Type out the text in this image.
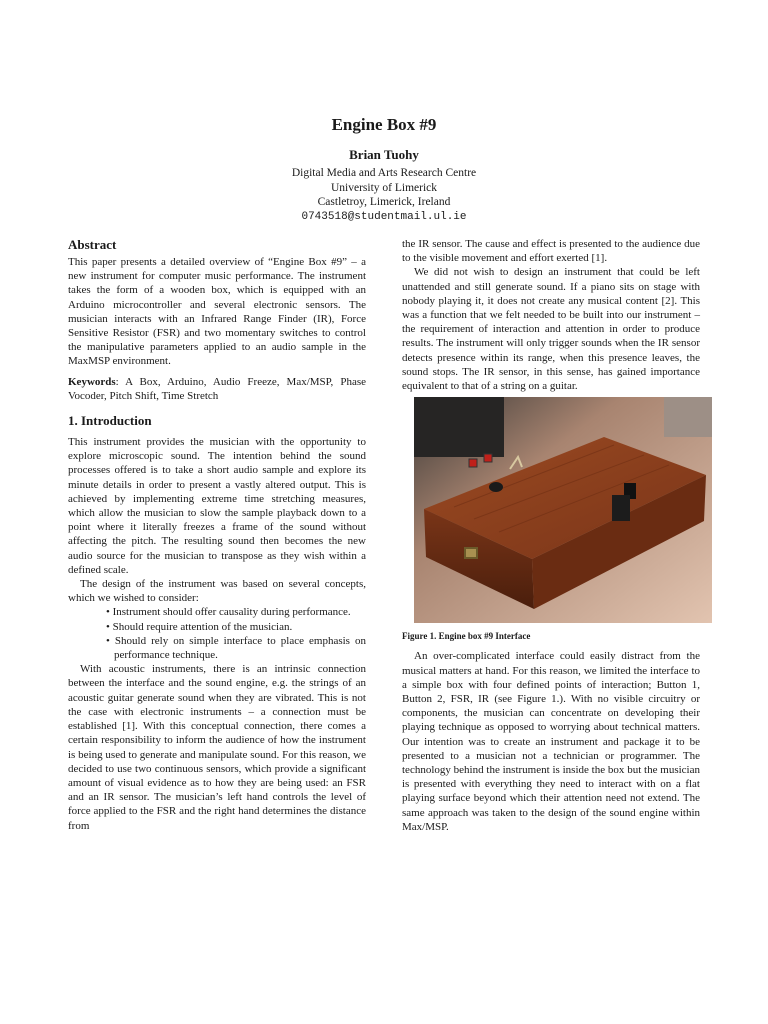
Engine Box #9
Brian Tuohy
Digital Media and Arts Research Centre
University of Limerick
Castletroy, Limerick, Ireland
0743518@studentmail.ul.ie
Abstract

This paper presents a detailed overview of “Engine Box #9” – a new instrument for computer music performance. The instrument takes the form of a wooden box, which is equipped with an Arduino microcontroller and several electronic sensors. The musician interacts with an Infrared Range Finder (IR), Force Sensitive Resistor (FSR) and two momentary switches to control the manipulative parameters applied to an audio sample in the MaxMSP environment.

Keywords: A Box, Arduino, Audio Freeze, Max/MSP, Phase Vocoder, Pitch Shift, Time Stretch

1. Introduction

This instrument provides the musician with the opportunity to explore microscopic sound. The intention behind the sound processes offered is to take a short audio sample and explore its minute details in order to present a vastly altered output. This is achieved by implementing extreme time stretching measures, which allow the musician to slow the sample playback down to a point where it literally freezes a frame of the sound without affecting the pitch. The resulting sound then becomes the new audio source for the musician to transpose as they wish within a defined scale.

The design of the instrument was based on several concepts, which we wished to consider:

• Instrument should offer causality during performance.
• Should require attention of the musician.
• Should rely on simple interface to place emphasis on performance technique.

With acoustic instruments, there is an intrinsic connection between the interface and the sound engine, e.g. the strings of an acoustic guitar generate sound when they are vibrated. This is not the case with electronic instruments – a connection must be established [1]. With this conceptual connection, there comes a certain responsibility to inform the audience of how the instrument is being used to generate and manipulate sound. For this reason, we decided to use two continuous sensors, which provide a significant amount of visual evidence as to how they are being used: an FSR and an IR sensor. The musician’s left hand controls the level of force applied to the FSR and the right hand determines the distance from

the IR sensor. The cause and effect is presented to the audience due to the visible movement and effort exerted [1].

We did not wish to design an instrument that could be left unattended and still generate sound. If a piano sits on stage with nobody playing it, it does not create any musical content [2]. This was a function that we felt needed to be built into our instrument – the requirement of interaction and attention in order to produce results. The instrument will only trigger sounds when the IR sensor detects presence within its range, when this presence leaves, the sound stops. The IR sensor, in this sense, has gained importance equivalent to that of a string on a guitar.

Figure 1. Engine box #9 Interface

An over-complicated interface could easily distract from the musical matters at hand. For this reason, we limited the interface to a simple box with four defined points of interaction; Button 1, Button 2, FSR, IR (see Figure 1.). With no visible circuitry or components, the musician can concentrate on developing their playing technique as opposed to worrying about technical matters. Our intention was to create an instrument and package it to be presented to a musician not a technician or programmer. The technology behind the instrument is inside the box but the musician is presented with everything they need to interact with on a flat playing surface beyond which their attention need not extend. The same approach was taken to the design of the sound engine within Max/MSP.
